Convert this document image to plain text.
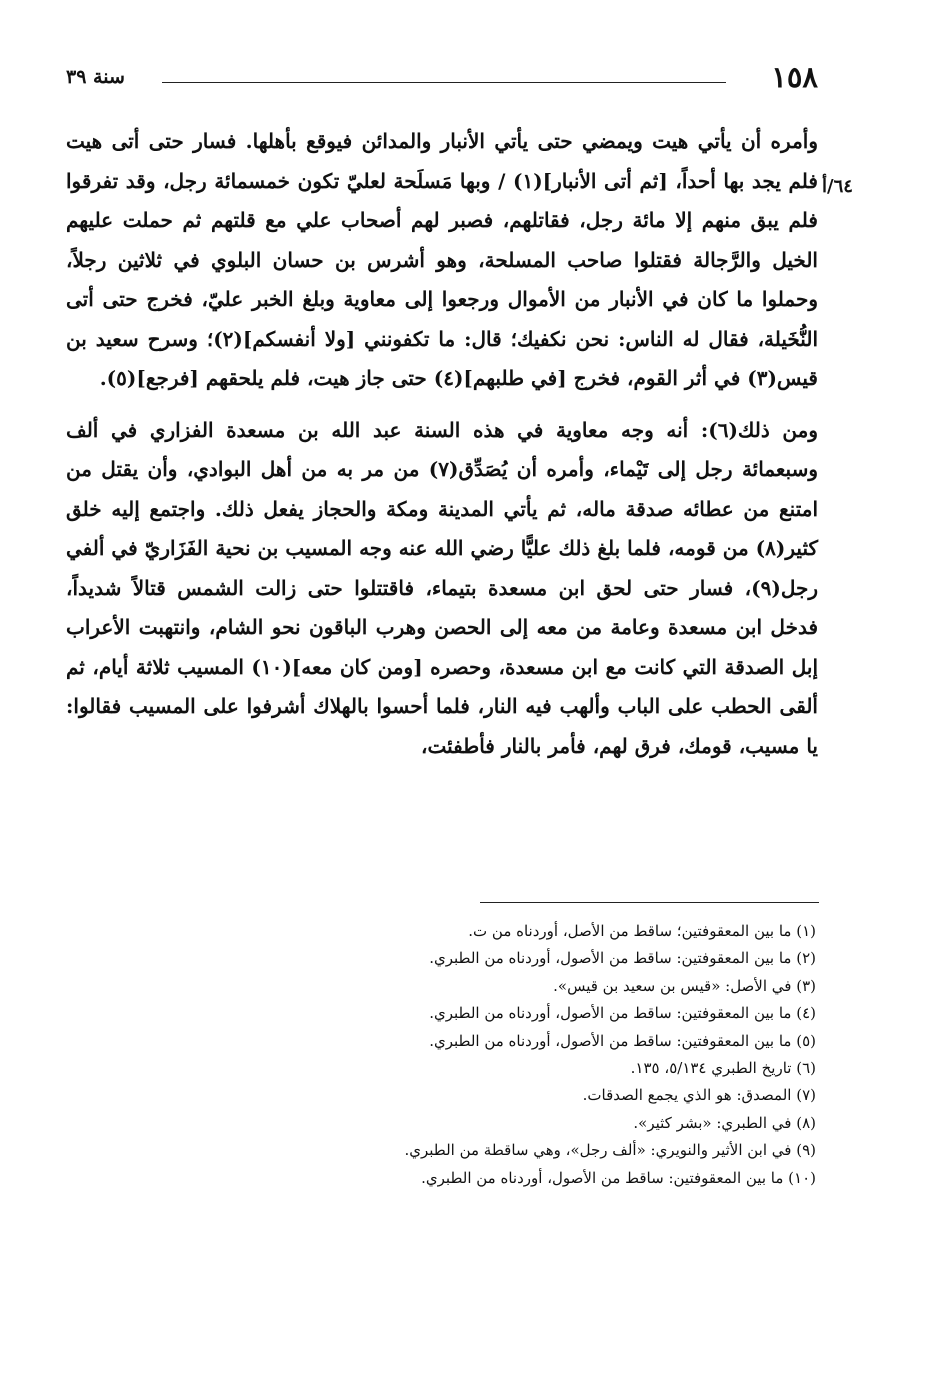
١٥٨
سنة ٣٩
٦٤/أ

وأمره أن يأتي هيت ويمضي حتى يأتي الأنبار والمدائن فيوقع بأهلها. فسار حتى أتى هيت فلم يجد بها أحداً، [ثم أتى الأنبار](١) / وبها مَسلَحة لعليّ تكون خمسمائة رجل، وقد تفرقوا فلم يبق منهم إلا مائة رجل، فقاتلهم، فصبر لهم أصحاب علي مع قلتهم ثم حملت عليهم الخيل والرَّجالة فقتلوا صاحب المسلحة، وهو أشرس بن حسان البلوي في ثلاثين رجلاً، وحملوا ما كان في الأنبار من الأموال ورجعوا إلى معاوية وبلغ الخبر عليّ، فخرج حتى أتى النُّخَيلة، فقال له الناس: نحن نكفيك؛ قال: ما تكفونني [ولا أنفسكم](٢)؛ وسرح سعيد بن قيس(٣) في أثر القوم، فخرج [في طلبهم](٤) حتى جاز هيت، فلم يلحقهم [فرجع](٥).

ومن ذلك(٦): أنه وجه معاوية في هذه السنة عبد الله بن مسعدة الفزاري في ألف وسبعمائة رجل إلى تَيْماء، وأمره أن يُصَدِّق(٧) من مر به من أهل البوادي، وأن يقتل من امتنع من عطائه صدقة ماله، ثم يأتي المدينة ومكة والحجاز يفعل ذلك. واجتمع إليه خلق كثير(٨) من قومه، فلما بلغ ذلك عليًّا رضي الله عنه وجه المسيب بن نحية الفَزَاريّ في ألفي رجل(٩)، فسار حتى لحق ابن مسعدة بتيماء، فاقتتلوا حتى زالت الشمس قتالاً شديداً، فدخل ابن مسعدة وعامة من معه إلى الحصن وهرب الباقون نحو الشام، وانتهبت الأعراب إبل الصدقة التي كانت مع ابن مسعدة، وحصره [ومن كان معه](١٠) المسيب ثلاثة أيام، ثم ألقى الحطب على الباب وألهب فيه النار، فلما أحسوا بالهلاك أشرفوا على المسيب فقالوا: يا مسيب، قومك، فرق لهم، فأمر بالنار فأطفئت،

(١) ما بين المعقوفتين؛ ساقط من الأصل، أوردناه من ت.

(٢) ما بين المعقوفتين: ساقط من الأصول، أوردناه من الطبري.

(٣) في الأصل: «قيس بن سعيد بن قيس».

(٤) ما بين المعقوفتين: ساقط من الأصول، أوردناه من الطبري.

(٥) ما بين المعقوفتين: ساقط من الأصول، أوردناه من الطبري.

(٦) تاريخ الطبري ٥/١٣٤، ١٣٥.

(٧) المصدق: هو الذي يجمع الصدقات.

(٨) في الطبري: «بشر كثير».

(٩) في ابن الأثير والنويري: «ألف رجل»، وهي ساقطة من الطبري.

(١٠) ما بين المعقوفتين: ساقط من الأصول، أوردناه من الطبري.
